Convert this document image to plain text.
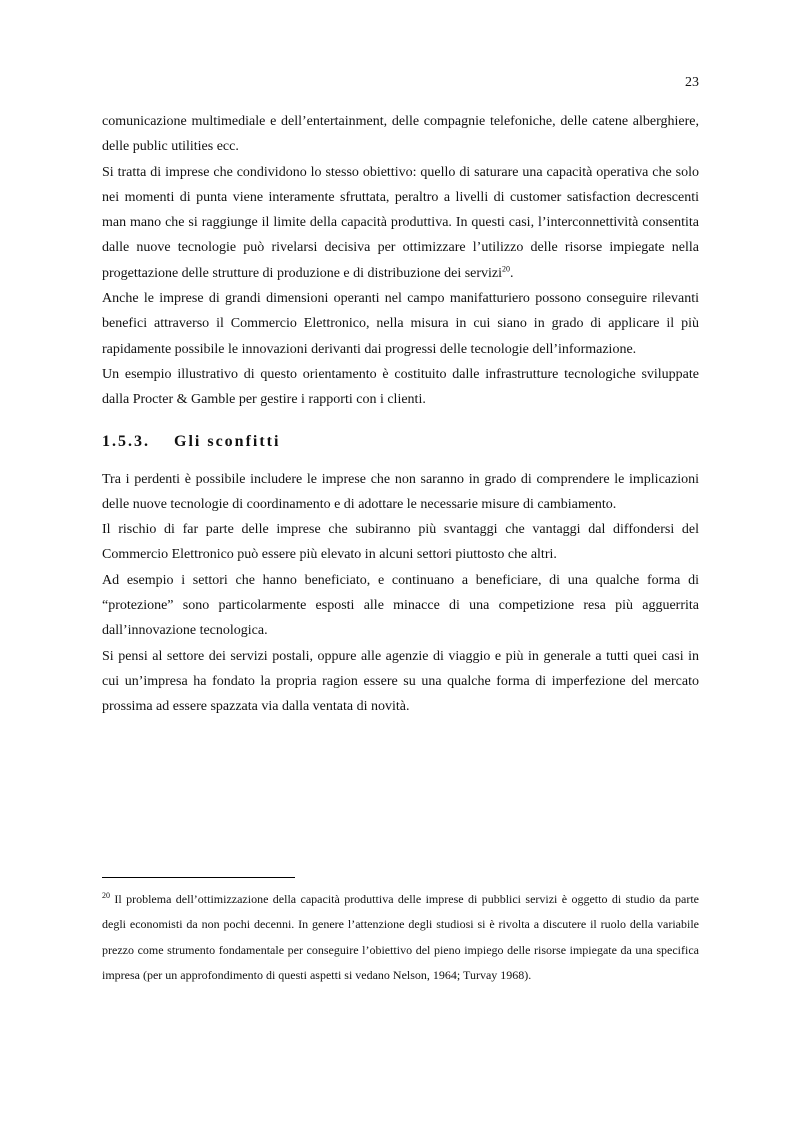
23

comunicazione multimediale e dell’entertainment, delle compagnie telefoniche, delle catene alberghiere, delle public utilities ecc.

Si tratta di imprese che condividono lo stesso obiettivo: quello di saturare una capacità operativa che solo nei momenti di punta viene interamente sfruttata, peraltro a livelli di customer satisfaction decrescenti man mano che si raggiunge il limite della capacità produttiva. In questi casi, l’interconnettività consentita dalle nuove tecnologie può rivelarsi decisiva per ottimizzare l’utilizzo delle risorse impiegate nella progettazione delle strutture di produzione e di distribuzione dei servizi$^{20}$.

Anche le imprese di grandi dimensioni operanti nel campo manifatturiero possono conseguire rilevanti benefici attraverso il Commercio Elettronico, nella misura in cui siano in grado di applicare il più rapidamente possibile le innovazioni derivanti dai progressi delle tecnologie dell’informazione.

Un esempio illustrativo di questo orientamento è costituito dalle infrastrutture tecnologiche sviluppate dalla Procter & Gamble per gestire i rapporti con i clienti.

1.5.3. Gli sconfitti

Tra i perdenti è possibile includere le imprese che non saranno in grado di comprendere le implicazioni delle nuove tecnologie di coordinamento e di adottare le necessarie misure di cambiamento.

Il rischio di far parte delle imprese che subiranno più svantaggi che vantaggi dal diffondersi del Commercio Elettronico può essere più elevato in alcuni settori piuttosto che altri.

Ad esempio i settori che hanno beneficiato, e continuano a beneficiare, di una qualche forma di “protezione” sono particolarmente esposti alle minacce di una competizione resa più agguerrita dall’innovazione tecnologica.

Si pensi al settore dei servizi postali, oppure alle agenzie di viaggio e più in generale a tutti quei casi in cui un’impresa ha fondato la propria ragion essere su una qualche forma di imperfezione del mercato prossima ad essere spazzata via dalla ventata di novità.

$^{20}$ Il problema dell’ottimizzazione della capacità produttiva delle imprese di pubblici servizi è oggetto di studio da parte degli economisti da non pochi decenni. In genere l’attenzione degli studiosi si è rivolta a discutere il ruolo della variabile prezzo come strumento fondamentale per conseguire l’obiettivo del pieno impiego delle risorse impiegate da una specifica impresa (per un approfondimento di questi aspetti si vedano Nelson, 1964; Turvay 1968).
